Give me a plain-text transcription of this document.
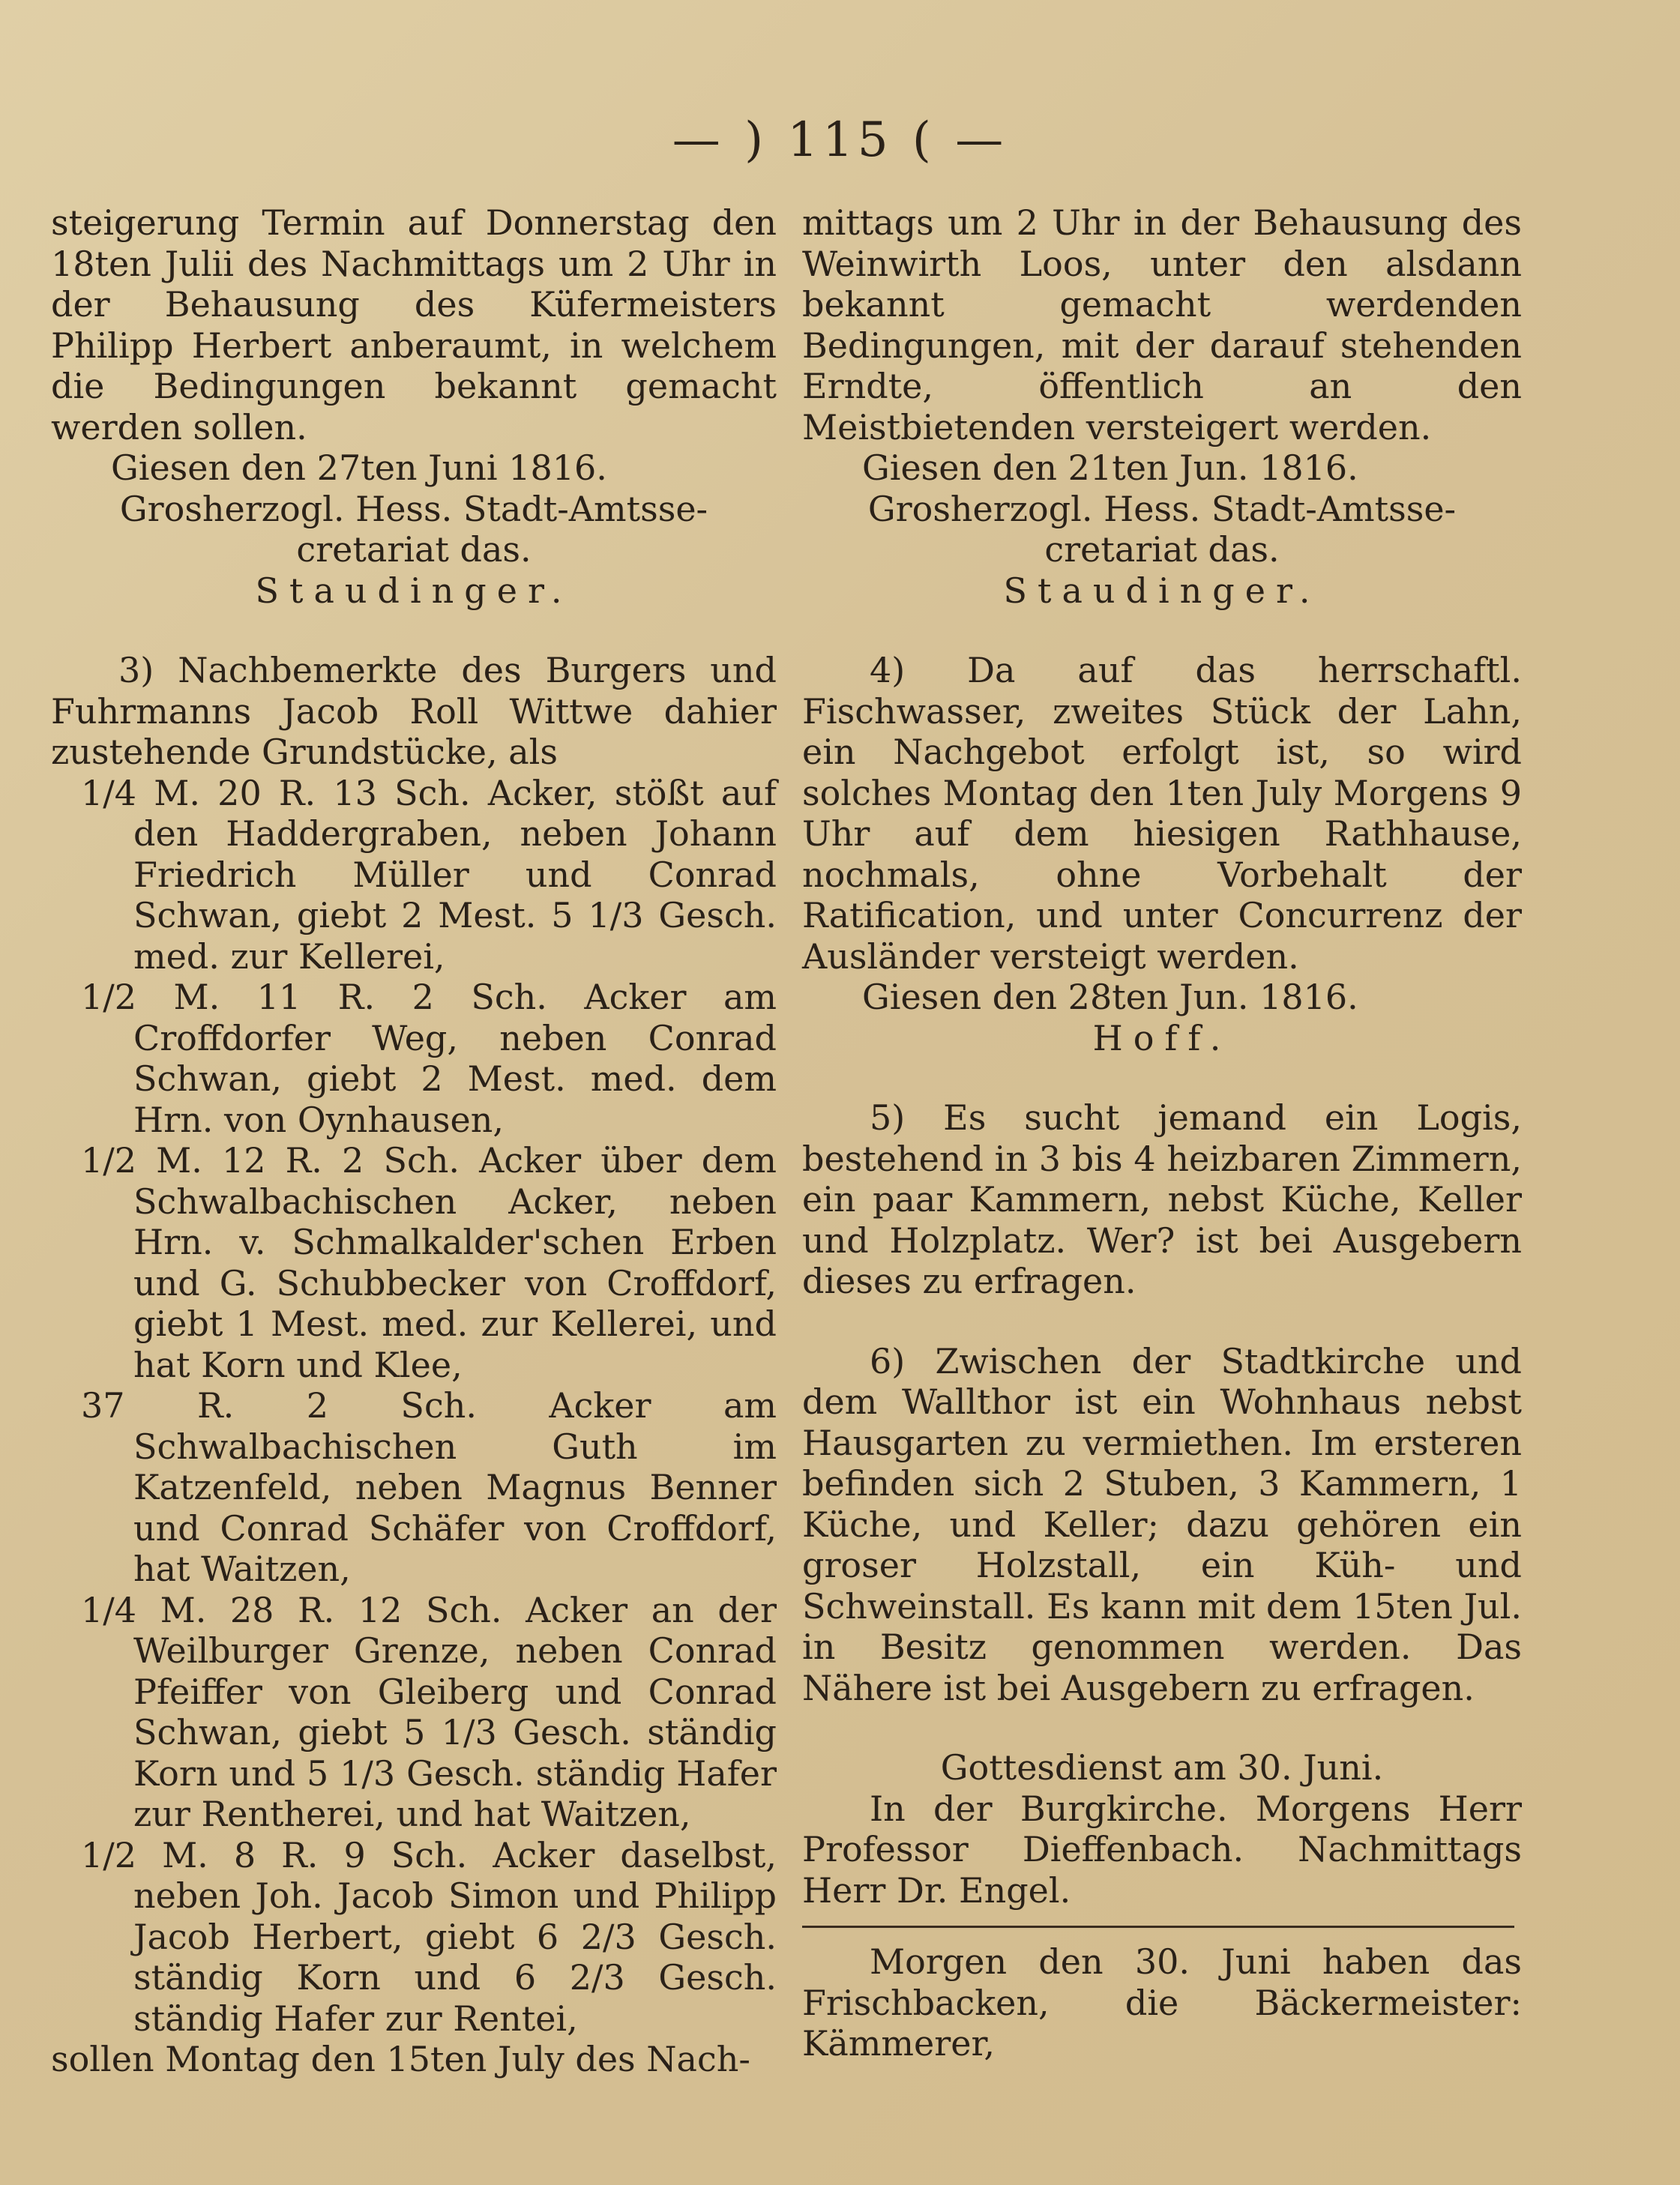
— ) 115 ( —

steigerung Termin auf Donnerstag den 18ten Julii des Nachmittags um 2 Uhr in der Behausung des Küfermeisters Philipp Herbert anberaumt, in welchem die Bedingungen bekannt gemacht werden sollen.

Giesen den 27ten Juni 1816.

Grosherzogl. Hess. Stadt-Amtsse-cretariat das.

Staudinger.

3) Nachbemerkte des Burgers und Fuhrmanns Jacob Roll Wittwe dahier zustehende Grundstücke, als

1/4 M. 20 R. 13 Sch. Acker, stößt auf den Haddergraben, neben Johann Friedrich Müller und Conrad Schwan, giebt 2 Mest. 5 1/3 Gesch. med. zur Kellerei,

1/2 M. 11 R. 2 Sch. Acker am Croffdorfer Weg, neben Conrad Schwan, giebt 2 Mest. med. dem Hrn. von Oynhausen,

1/2 M. 12 R. 2 Sch. Acker über dem Schwalbachischen Acker, neben Hrn. v. Schmalkalder'schen Erben und G. Schubbecker von Croffdorf, giebt 1 Mest. med. zur Kellerei, und hat Korn und Klee,

37 R. 2 Sch. Acker am Schwalbachischen Guth im Katzenfeld, neben Magnus Benner und Conrad Schäfer von Croffdorf, hat Waitzen,

1/4 M. 28 R. 12 Sch. Acker an der Weilburger Grenze, neben Conrad Pfeiffer von Gleiberg und Conrad Schwan, giebt 5 1/3 Gesch. ständig Korn und 5 1/3 Gesch. ständig Hafer zur Rentherei, und hat Waitzen,

1/2 M. 8 R. 9 Sch. Acker daselbst, neben Joh. Jacob Simon und Philipp Jacob Herbert, giebt 6 2/3 Gesch. ständig Korn und 6 2/3 Gesch. ständig Hafer zur Rentei,

sollen Montag den 15ten July des Nach-

mittags um 2 Uhr in der Behausung des Weinwirth Loos, unter den alsdann bekannt gemacht werdenden Bedingungen, mit der darauf stehenden Erndte, öffentlich an den Meistbietenden versteigert werden.

Giesen den 21ten Jun. 1816.

Grosherzogl. Hess. Stadt-Amtsse-cretariat das.

Staudinger.

4) Da auf das herrschaftl. Fischwasser, zweites Stück der Lahn, ein Nachgebot erfolgt ist, so wird solches Montag den 1ten July Morgens 9 Uhr auf dem hiesigen Rathhause, nochmals, ohne Vorbehalt der Ratification, und unter Concurrenz der Ausländer versteigt werden.

Giesen den 28ten Jun. 1816.

Hoff.

5) Es sucht jemand ein Logis, bestehend in 3 bis 4 heizbaren Zimmern, ein paar Kammern, nebst Küche, Keller und Holzplatz. Wer? ist bei Ausgebern dieses zu erfragen.

6) Zwischen der Stadtkirche und dem Wallthor ist ein Wohnhaus nebst Hausgarten zu vermiethen. Im ersteren befinden sich 2 Stuben, 3 Kammern, 1 Küche, und Keller; dazu gehören ein groser Holzstall, ein Küh- und Schweinstall. Es kann mit dem 15ten Jul. in Besitz genommen werden. Das Nähere ist bei Ausgebern zu erfragen.

Gottesdienst am 30. Juni.

In der Burgkirche. Morgens Herr Professor Dieffenbach. Nachmittags Herr Dr. Engel.

Morgen den 30. Juni haben das Frischbacken, die Bäckermeister: Kämmerer,
